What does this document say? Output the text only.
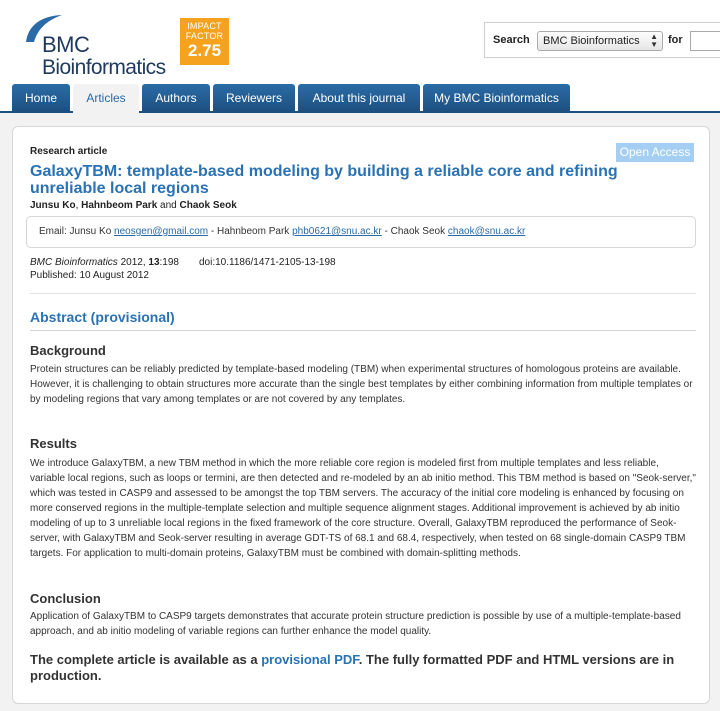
BMC
Bioinformatics
IMPACT
FACTOR
2.75
Search	BMC Bioinformatics ▲
▼ for
Home	Articles	Authors	Reviewers	About this journal	My BMC Bioinformatics
Research article	Open Access
GalaxyTBM: template-based modeling by building a reliable core and refining unreliable local regions
Junsu Ko, Hahnbeom Park and Chaok Seok
Email: Junsu Ko neosgen@gmail.com - Hahnbeom Park phb0621@snu.ac.kr - Chaok Seok chaok@snu.ac.kr
BMC Bioinformatics 2012, 13:198 doi:10.1186/1471-2105-13-198
Published: 10 August 2012
Abstract (provisional)
Background
Protein structures can be reliably predicted by template-based modeling (TBM) when experimental structures of homologous proteins are available. However, it is challenging to obtain structures more accurate than the single best templates by either combining information from multiple templates or by modeling regions that vary among templates or are not covered by any templates.
Results
We introduce GalaxyTBM, a new TBM method in which the more reliable core region is modeled first from multiple templates and less reliable, variable local regions, such as loops or termini, are then detected and re-modeled by an ab initio method. This TBM method is based on "Seok-server," which was tested in CASP9 and assessed to be amongst the top TBM servers. The accuracy of the initial core modeling is enhanced by focusing on more conserved regions in the multiple-template selection and multiple sequence alignment stages. Additional improvement is achieved by ab initio modeling of up to 3 unreliable local regions in the fixed framework of the core structure. Overall, GalaxyTBM reproduced the performance of Seok-server, with GalaxyTBM and Seok-server resulting in average GDT-TS of 68.1 and 68.4, respectively, when tested on 68 single-domain CASP9 TBM targets. For application to multi-domain proteins, GalaxyTBM must be combined with domain-splitting methods.
Conclusion
Application of GalaxyTBM to CASP9 targets demonstrates that accurate protein structure prediction is possible by use of a multiple-template-based approach, and ab initio modeling of variable regions can further enhance the model quality.
The complete article is available as a provisional PDF. The fully formatted PDF and HTML versions are in production.
